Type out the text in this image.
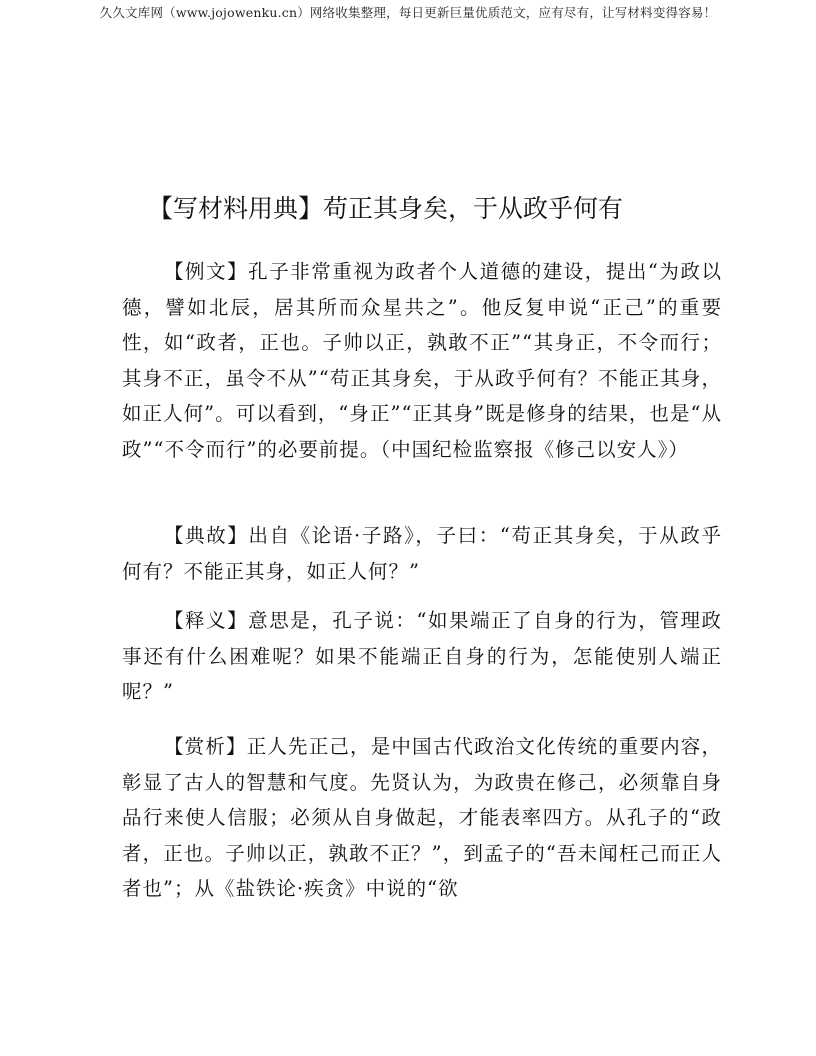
久久文库网（www.jojowenku.cn）网络收集整理，每日更新巨量优质范文，应有尽有，让写材料变得容易！
【写材料用典】苟正其身矣，于从政乎何有

【例文】孔子非常重视为政者个人道德的建设，提出“为政以德，譬如北辰，居其所而众星共之”。他反复申说“正己”的重要性，如“政者，正也。子帅以正，孰敢不正”“其身正，不令而行；其身不正，虽令不从”“苟正其身矣，于从政乎何有？不能正其身，如正人何”。可以看到，“身正”“正其身”既是修身的结果，也是“从政”“不令而行”的必要前提。（中国纪检监察报《修己以安人》）

【典故】出自《论语·子路》，子曰：“苟正其身矣，于从政乎何有？不能正其身，如正人何？”

【释义】意思是，孔子说：“如果端正了自身的行为，管理政事还有什么困难呢？如果不能端正自身的行为，怎能使别人端正呢？”

【赏析】正人先正己，是中国古代政治文化传统的重要内容，彰显了古人的智慧和气度。先贤认为，为政贵在修己，必须靠自身品行来使人信服；必须从自身做起，才能表率四方。从孔子的“政者，正也。子帅以正，孰敢不正？”，到孟子的“吾未闻枉己而正人者也”；从《盐铁论·疾贪》中说的“欲
